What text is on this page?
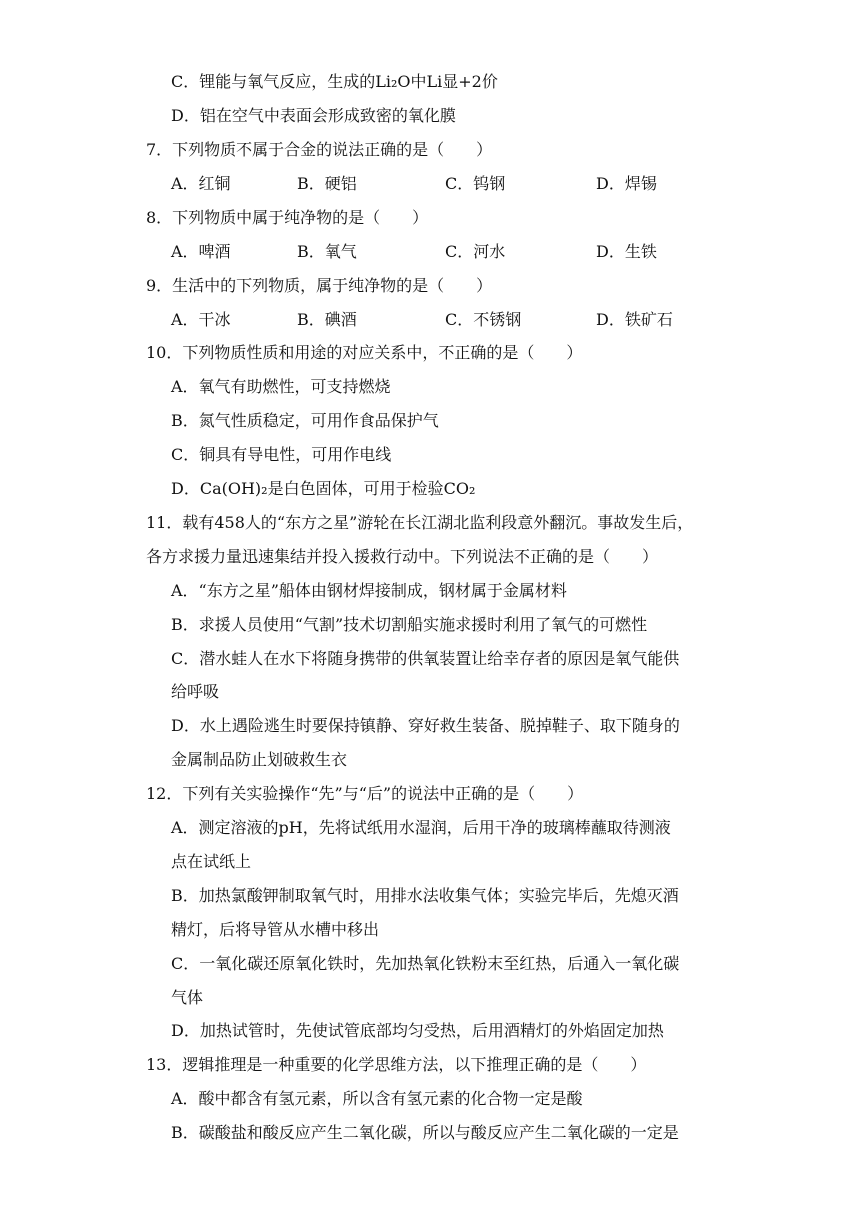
C．锂能与氧气反应，生成的Li₂O中Li显+2价
D．铝在空气中表面会形成致密的氧化膜
7．下列物质不属于合金的说法正确的是（　　）
A．红铜	B．硬铝	C．钨钢	D．焊锡
8．下列物质中属于纯净物的是（　　）
A．啤酒	B．氧气	C．河水	D．生铁
9．生活中的下列物质，属于纯净物的是（　　）
A．干冰	B．碘酒	C．不锈钢	D．铁矿石
10．下列物质性质和用途的对应关系中，不正确的是（　　）
A．氧气有助燃性，可支持燃烧
B．氮气性质稳定，可用作食品保护气
C．铜具有导电性，可用作电线
D．Ca(OH)₂是白色固体，可用于检验CO₂
11．载有458人的“东方之星”游轮在长江湖北监利段意外翻沉。事故发生后，
各方求援力量迅速集结并投入援救行动中。下列说法不正确的是（　　）
A．“东方之星”船体由钢材焊接制成，钢材属于金属材料
B．求援人员使用“气割”技术切割船实施求援时利用了氧气的可燃性
C．潜水蛙人在水下将随身携带的供氧装置让给幸存者的原因是氧气能供
给呼吸
D．水上遇险逃生时要保持镇静、穿好救生装备、脱掉鞋子、取下随身的
金属制品防止划破救生衣
12．下列有关实验操作“先”与“后”的说法中正确的是（　　）
A．测定溶液的pH，先将试纸用水湿润，后用干净的玻璃棒蘸取待测液
点在试纸上
B．加热氯酸钾制取氧气时，用排水法收集气体；实验完毕后，先熄灭酒
精灯，后将导管从水槽中移出
C．一氧化碳还原氧化铁时，先加热氧化铁粉末至红热，后通入一氧化碳
气体
D．加热试管时，先使试管底部均匀受热，后用酒精灯的外焰固定加热
13．逻辑推理是一种重要的化学思维方法，以下推理正确的是（　　）
A．酸中都含有氢元素，所以含有氢元素的化合物一定是酸
B．碳酸盐和酸反应产生二氧化碳，所以与酸反应产生二氧化碳的一定是
